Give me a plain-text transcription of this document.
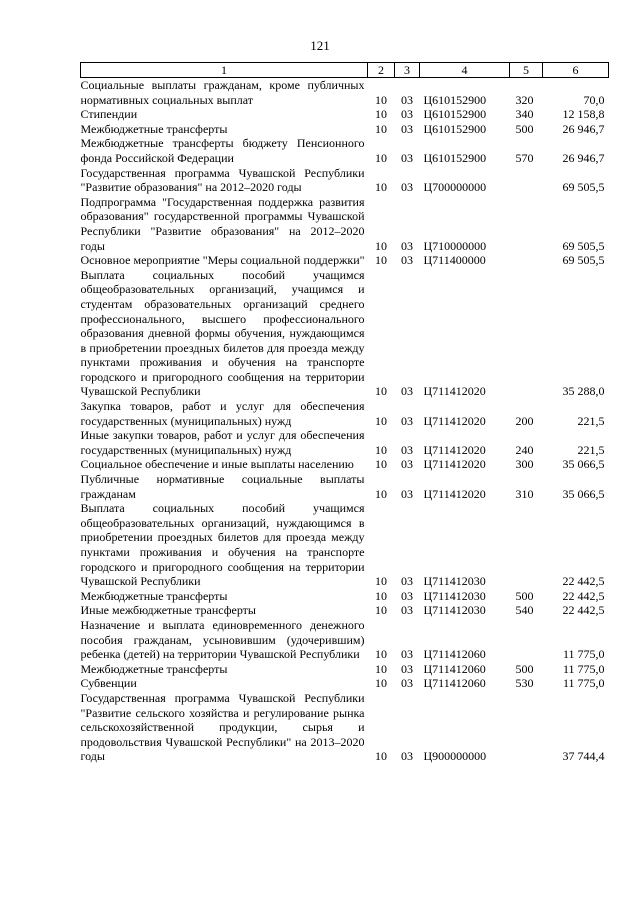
121
1	2	3	4	5	6
Социальные выплаты гражданам, кроме публичных нормативных социальных выплат	10	03	Ц610152900	320	70,0
Стипендии	10	03	Ц610152900	340	12 158,8
Межбюджетные трансферты	10	03	Ц610152900	500	26 946,7
Межбюджетные трансферты бюджету Пенсионного фонда Российской Федерации	10	03	Ц610152900	570	26 946,7
Государственная программа Чувашской Республики "Развитие образования" на 2012–2020 годы	10	03	Ц700000000		69 505,5
Подпрограмма "Государственная поддержка развития образования" государственной программы Чувашской Республики "Развитие образования" на 2012–2020 годы	10	03	Ц710000000		69 505,5
Основное мероприятие "Меры социальной поддержки"	10	03	Ц711400000		69 505,5
Выплата социальных пособий учащимся общеобразовательных организаций, учащимся и студентам образовательных организаций среднего профессионального, высшего профессионального образования дневной формы обучения, нуждающимся в приобретении проездных билетов для проезда между пунктами проживания и обучения на транспорте городского и пригородного сообщения на территории Чувашской Республики	10	03	Ц711412020		35 288,0
Закупка товаров, работ и услуг для обеспечения государственных (муниципальных) нужд	10	03	Ц711412020	200	221,5
Иные закупки товаров, работ и услуг для обеспечения государственных (муниципальных) нужд	10	03	Ц711412020	240	221,5
Социальное обеспечение и иные выплаты населению	10	03	Ц711412020	300	35 066,5
Публичные нормативные социальные выплаты гражданам	10	03	Ц711412020	310	35 066,5
Выплата социальных пособий учащимся общеобразовательных организаций, нуждающимся в приобретении проездных билетов для проезда между пунктами проживания и обучения на транспорте городского и пригородного сообщения на территории Чувашской Республики	10	03	Ц711412030		22 442,5
Межбюджетные трансферты	10	03	Ц711412030	500	22 442,5
Иные межбюджетные трансферты	10	03	Ц711412030	540	22 442,5
Назначение и выплата единовременного денежного пособия гражданам, усыновившим (удочерившим) ребенка (детей) на территории Чувашской Республики	10	03	Ц711412060		11 775,0
Межбюджетные трансферты	10	03	Ц711412060	500	11 775,0
Субвенции	10	03	Ц711412060	530	11 775,0
Государственная программа Чувашской Республики "Развитие сельского хозяйства и регулирование рынка сельскохозяйственной продукции, сырья и продовольствия Чувашской Республики" на 2013–2020 годы	10	03	Ц900000000		37 744,4
